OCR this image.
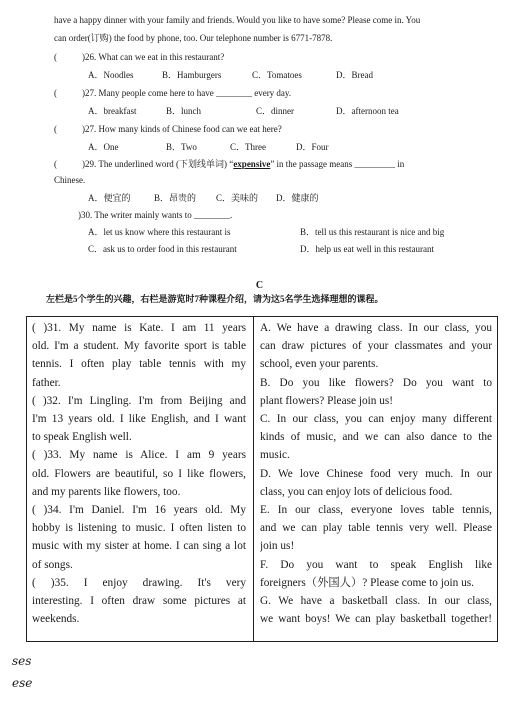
have a happy dinner with your family and friends. Would you like to have some? Please come in. You
can order(订购) the food by phone, too. Our telephone number is 6771-7878.
(	)26. What can we eat in this restaurant?
A．Noodles	B．Hamburgers	C．Tomatoes	D．Bread
(	)27. Many people come here to have ________ every day.
A．breakfast	B．lunch	C．dinner	D．afternoon tea
(	)27. How many kinds of Chinese food can we eat here?
A．One	B．Two	C．Three	D．Four
(	)29. The underlined word (下划线单词) “expensive” in the passage means _________ in
Chinese.
A．便宜的	B．昂贵的 C．美味的 D．健康的
)30. The writer mainly wants to ________.
A．let us know where this restaurant is	B．tell us this restaurant is nice and big
C．ask us to order food in this restaurant	D．help us eat well in this restaurant
C
左栏是5个学生的兴趣，右栏是游览时7种课程介绍，请为这5名学生选择理想的课程。
( )31. My name is Kate. I am 11 years
old. I'm a student. My favorite sport is table
tennis. I often play table tennis with my
father.
( )32. I'm Lingling. I'm from Beijing and
I'm 13 years old. I like English, and I want
to speak English well.
( )33. My name is Alice. I am 9 years
old. Flowers are beautiful, so I like flowers,
and my parents like flowers, too.
( )34. I'm Daniel. I'm 16 years old. My
hobby is listening to music. I often listen to
music with my sister at home. I can sing a lot
of songs.
( )35. I enjoy drawing. It's very
interesting. I often draw some pictures at
weekends.
A. We have a drawing class. In our class, you
can draw pictures of your classmates and your
school, even your parents.
B. Do you like flowers? Do you want to
plant flowers? Please join us!
C. In our class, you can enjoy many different
kinds of music, and we can also dance to the
music.
D. We love Chinese food very much. In our
class, you can enjoy lots of delicious food.
E. In our class, everyone loves table tennis,
and we can play table tennis very well. Please
join us!
F. Do you want to speak English like
foreigners（外国人）? Please come to join us.
G. We have a basketball class. In our class,
we want boys! We can play basketball together!
ses
ese
